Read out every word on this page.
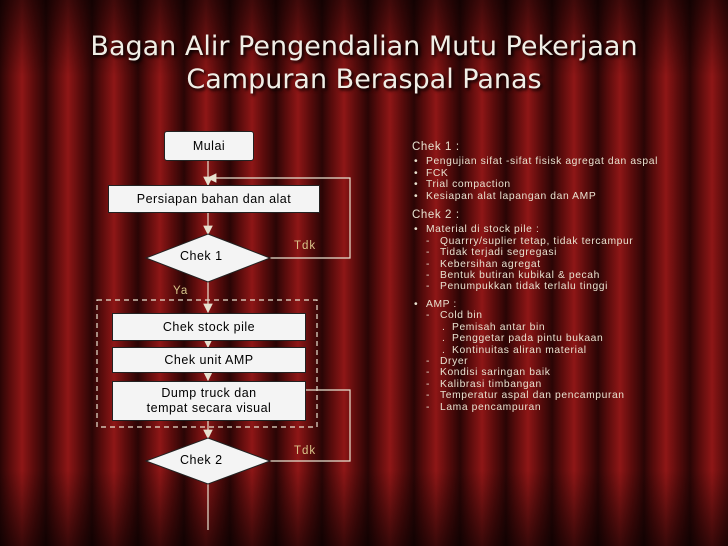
Bagan Alir Pengendalian Mutu Pekerjaan
Campuran Beraspal Panas
Mulai
Persiapan bahan dan alat
Chek 1
Tdk
Ya
Chek stock pile
Chek unit AMP
Dump truck dan
tempat secara visual
Chek 2
Tdk
Chek 1 :
• Pengujian sifat -sifat fisisk agregat dan aspal
• FCK
• Trial compaction
• Kesiapan alat lapangan dan AMP
Chek 2 :
• Material di stock pile :
- Quarrry/suplier tetap, tidak tercampur
- Tidak terjadi segregasi
- Kebersihan agregat
- Bentuk butiran kubikal & pecah
- Penumpukkan tidak terlalu tinggi
• AMP :
- Cold bin
. Pemisah antar bin
. Penggetar pada pintu bukaan
. Kontinuitas aliran material
- Dryer
- Kondisi saringan baik
- Kalibrasi timbangan
- Temperatur aspal dan pencampuran
- Lama pencampuran
